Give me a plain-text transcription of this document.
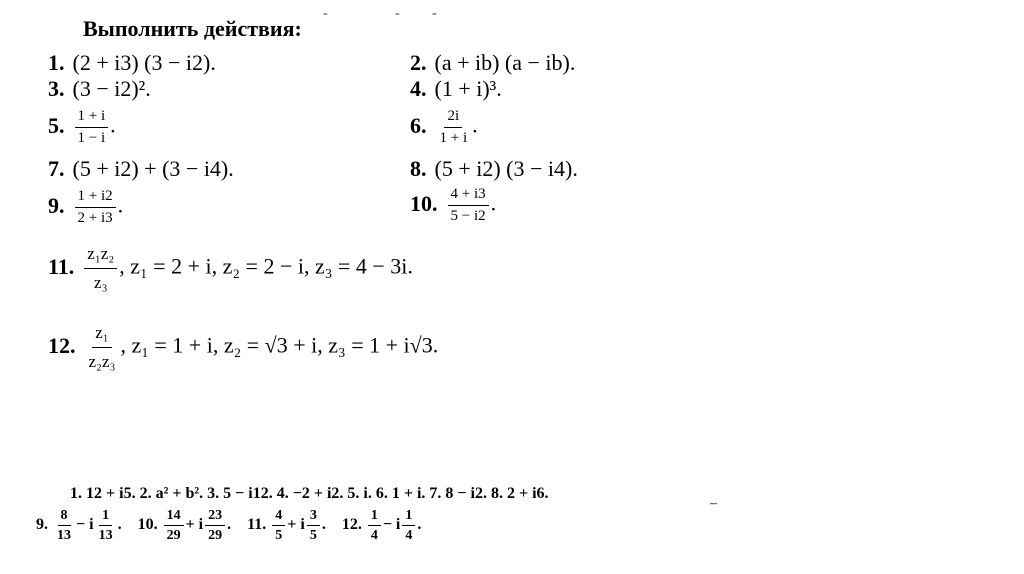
Выполнить действия:
-	- -
1. (2 + i3) (3 − i2).	2. (a + ib) (a − ib).
3. (3 − i2)².	4. (1 + i)³.
5. $\frac{1 + i}{1 - i}$ .	6. $\frac{2i}{1 + i}$ .
7. (5 + i2) + (3 − i4).	8. (5 + i2) (3 − i4).
9. $\frac{1 + i2}{2 + i3}$ .	10. $\frac{4 + i3}{5 - i2}$ .
11. $\frac{\text{z₁z₂}}{\text{z₃}}$ , z₁ = 2 + i, z₂ = 2 − i, z₃ = 4 − 3i.
12. $\frac{\text{z₁}}{\text{z₂z₃}}$ , z₁ = 1 + i, z₂ = √3 + i, z₃ = 1 + i√3.
1. 12 + i5. 2. a² + b². 3. 5 − i12. 4. −2 + i2. 5. i. 6. 1 + i. 7. 8 − i2. 8. 2 + i6.
–
9. $\frac{8}{13} - i \frac{1}{13}$ .    10. $\frac{14}{29} + i \frac{23}{29}$ .    11. $\frac{4}{5} + i \frac{3}{5}$ .    12. $\frac{1}{4} - i \frac{1}{4}$ .
